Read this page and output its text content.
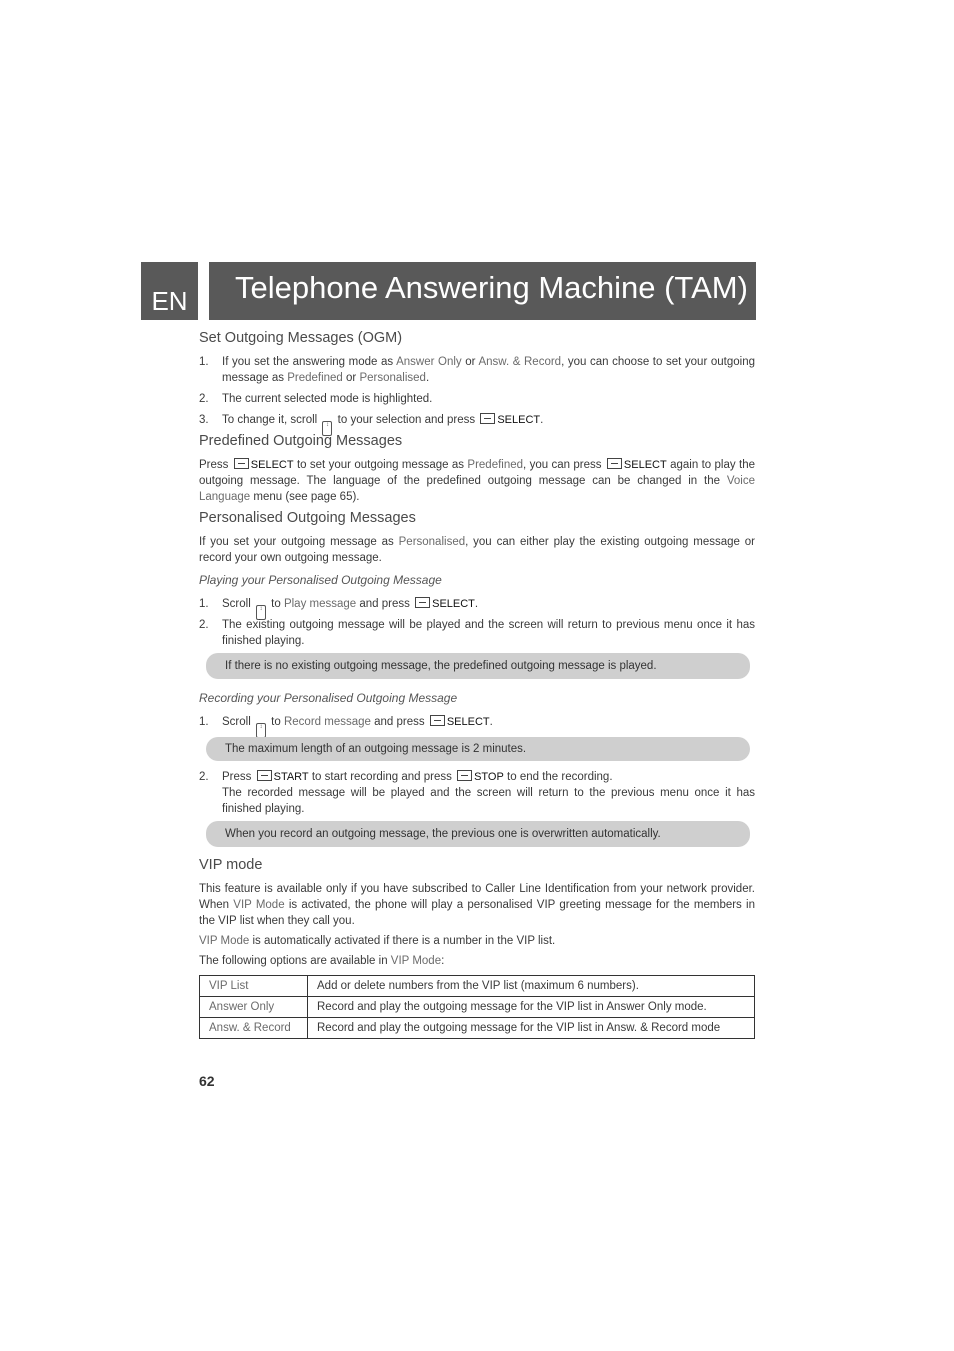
EN	Telephone Answering Machine (TAM)
Set Outgoing Messages (OGM)
1. If you set the answering mode as Answer Only or Answ. & Record, you can choose to set your outgoing message as Predefined or Personalised.
2. The current selected mode is highlighted.
3. To change it, scroll ↕ to your selection and press SELECT.
Predefined Outgoing Messages
Press SELECT to set your outgoing message as Predefined, you can press SELECT again to play the outgoing message. The language of the predefined outgoing message can be changed in the Voice Language menu (see page 65).
Personalised Outgoing Messages
If you set your outgoing message as Personalised, you can either play the existing outgoing message or record your own outgoing message.
Playing your Personalised Outgoing Message
1. Scroll ↕ to Play message and press SELECT.
2. The existing outgoing message will be played and the screen will return to previous menu once it has finished playing.
If there is no existing outgoing message, the predefined outgoing message is played.
Recording your Personalised Outgoing Message
1. Scroll ↕ to Record message and press SELECT.
The maximum length of an outgoing message is 2 minutes.
2. Press START to start recording and press STOP to end the recording.
The recorded message will be played and the screen will return to the previous menu once it has finished playing.
When you record an outgoing message, the previous one is overwritten automatically.
VIP mode
This feature is available only if you have subscribed to Caller Line Identification from your network provider. When VIP Mode is activated, the phone will play a personalised VIP greeting message for the members in the VIP list when they call you.
VIP Mode is automatically activated if there is a number in the VIP list.
The following options are available in VIP Mode:
VIP List	Add or delete numbers from the VIP list (maximum 6 numbers).
Answer Only	Record and play the outgoing message for the VIP list in Answer Only mode.
Answ. & Record	Record and play the outgoing message for the VIP list in Answ. & Record mode
62
